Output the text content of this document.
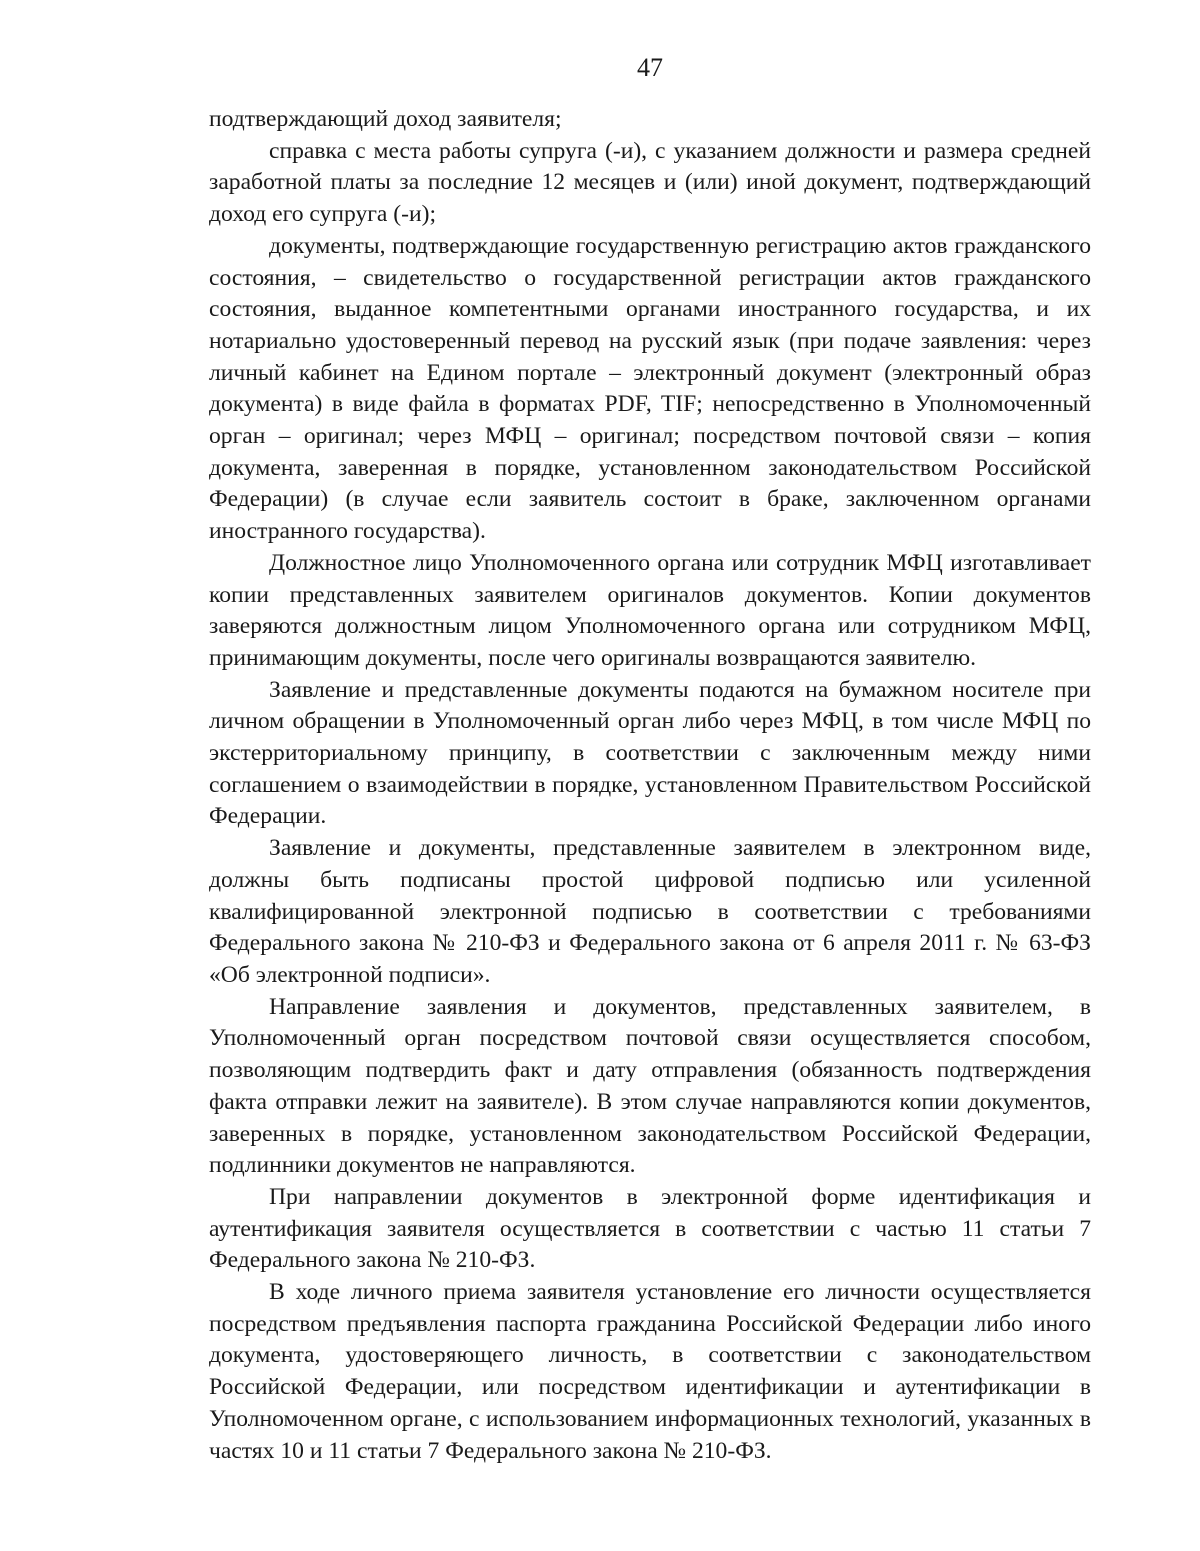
47

подтверждающий доход заявителя;

справка с места работы супруга (-и), с указанием должности и размера средней заработной платы за последние 12 месяцев и (или) иной документ, подтверждающий доход его супруга (-и);

документы, подтверждающие государственную регистрацию актов гражданского состояния, – свидетельство о государственной регистрации актов гражданского состояния, выданное компетентными органами иностранного государства, и их нотариально удостоверенный перевод на русский язык (при подаче заявления: через личный кабинет на Едином портале – электронный документ (электронный образ документа) в виде файла в форматах PDF, TIF; непосредственно в Уполномоченный орган – оригинал; через МФЦ – оригинал; посредством почтовой связи – копия документа, заверенная в порядке, установленном законодательством Российской Федерации) (в случае если заявитель состоит в браке, заключенном органами иностранного государства).

Должностное лицо Уполномоченного органа или сотрудник МФЦ изготавливает копии представленных заявителем оригиналов документов. Копии документов заверяются должностным лицом Уполномоченного органа или сотрудником МФЦ, принимающим документы, после чего оригиналы возвращаются заявителю.

Заявление и представленные документы подаются на бумажном носителе при личном обращении в Уполномоченный орган либо через МФЦ, в том числе МФЦ по экстерриториальному принципу, в соответствии с заключенным между ними соглашением о взаимодействии в порядке, установленном Правительством Российской Федерации.

Заявление и документы, представленные заявителем в электронном виде, должны быть подписаны простой цифровой подписью или усиленной квалифицированной электронной подписью в соответствии с требованиями Федерального закона № 210-ФЗ и Федерального закона от 6 апреля 2011 г. № 63-ФЗ «Об электронной подписи».

Направление заявления и документов, представленных заявителем, в Уполномоченный орган посредством почтовой связи осуществляется способом, позволяющим подтвердить факт и дату отправления (обязанность подтверждения факта отправки лежит на заявителе). В этом случае направляются копии документов, заверенных в порядке, установленном законодательством Российской Федерации, подлинники документов не направляются.

При направлении документов в электронной форме идентификация и аутентификация заявителя осуществляется в соответствии с частью 11 статьи 7 Федерального закона № 210-ФЗ.

В ходе личного приема заявителя установление его личности осуществляется посредством предъявления паспорта гражданина Российской Федерации либо иного документа, удостоверяющего личность, в соответствии с законодательством Российской Федерации, или посредством идентификации и аутентификации в Уполномоченном органе, с использованием информационных технологий, указанных в частях 10 и 11 статьи 7 Федерального закона № 210-ФЗ.
